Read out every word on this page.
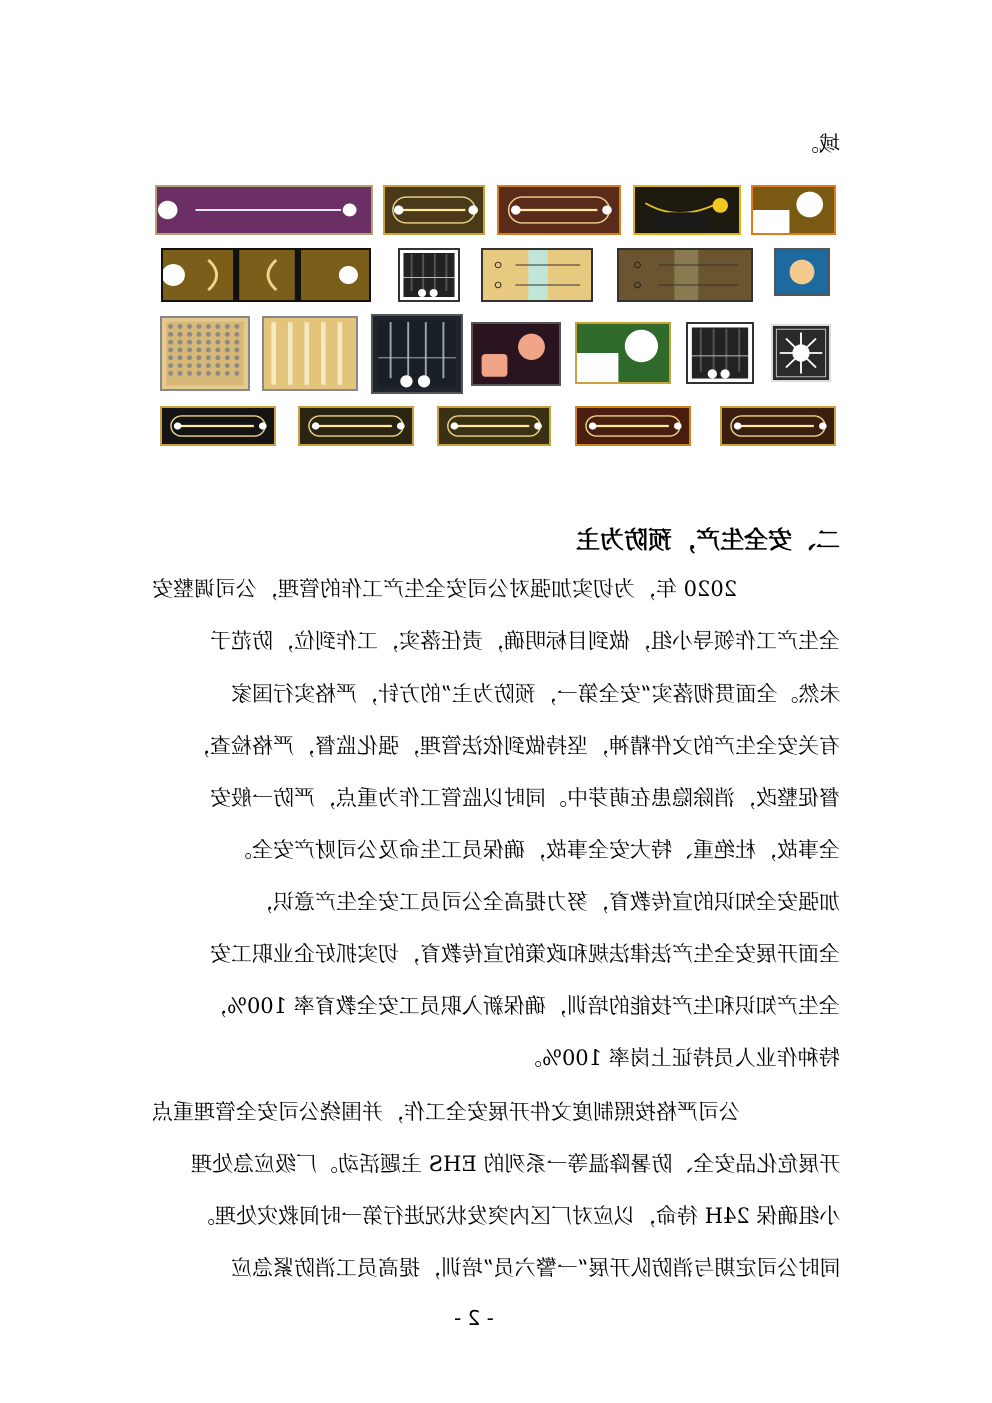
域。
二、安全生产，预防为主
2020 年，为切实加强对公司安全生产工作的管理，公司调整安
全生产工作领导小组，做到目标明确，责任落实，工作到位，防范于
未然。全面贯彻落实“安全第一，预防为主”的方针，严格实行国家
有关安全生产的文件精神，坚持做到依法管理，强化监督，严格检查，
督促整改，消除隐患在萌芽中。同时以监管工作为重点，严防一般安
全事故，杜绝重、特大安全事故，确保员工生命及公司财产安全。
加强安全知识的宣传教育，努力提高全公司员工安全生产意识，
全面开展安全生产法律法规和政策的宣传教育，切实抓好企业职工安
全生产知识和生产技能的培训，确保新入职员工安全教育率 100%，
特种作业人员持证上岗率 100%。
公司严格按照制度文件开展安全工作，并围绕公司安全管理重点
开展危化品安全、防暑降温等一系列的 EHS 主题活动。厂级应急处理
小组确保 24H 待命，以应对厂区内突发状况进行第一时间救灾处理。
同时公司定期与消防队开展“一警六员”培训，提高员工消防紧急应
- 2 -
